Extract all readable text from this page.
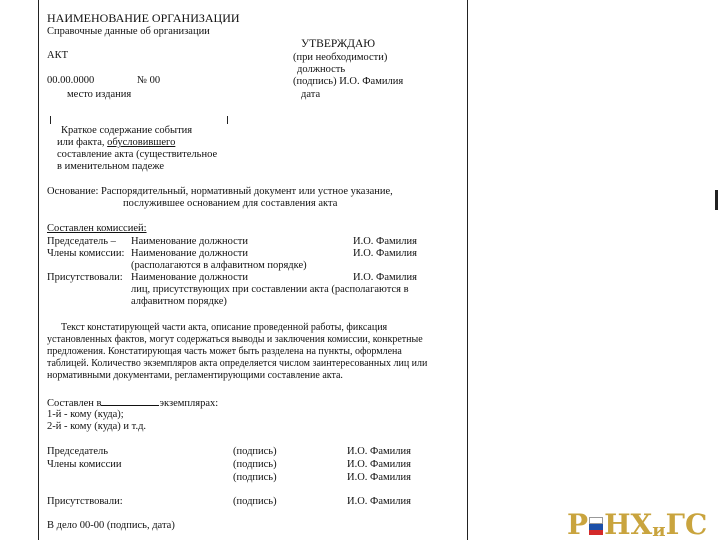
НАИМЕНОВАНИЕ ОРГАНИЗАЦИИ
Справочные данные об организации
АКТ
00.00.0000	№ 00
место издания
УТВЕРЖДАЮ
(при необходимости)
должность
(подпись) И.О. Фамилия
дата
Краткое содержание события
или факта, обусловившего
составление акта (существительное
в именительном падеже
Основание: Распорядительный, нормативный документ или устное указание,
послужившее основанием для составления акта
Составлен комиссией:
Председатель – Наименование должности	И.О. Фамилия
Члены комиссии: Наименование должности	И.О. Фамилия
(располагаются в алфавитном порядке)
Присутствовали: Наименование должности	И.О. Фамилия
лиц, присутствующих при составлении акта (располагаются в
алфавитном порядке)
Текст констатирующей части акта, описание проведенной работы, фиксация
установленных фактов, могут содержаться выводы и заключения комиссии, конкретные
предложения. Констатирующая часть может быть разделена на пункты, оформлена
таблицей. Количество экземпляров акта определяется числом заинтересованных лиц или
нормативными документами, регламентирующими составление акта.
Составлен в	экземплярах:
1-й - кому (куда);
2-й - кому (куда) и т.д.
Председатель	(подпись)	И.О. Фамилия
Члены комиссии	(подпись)	И.О. Фамилия
(подпись)	И.О. Фамилия
Присутствовали:	(подпись)	И.О. Фамилия
В дело 00-00 (подпись, дата)	Р НХ и ГС
